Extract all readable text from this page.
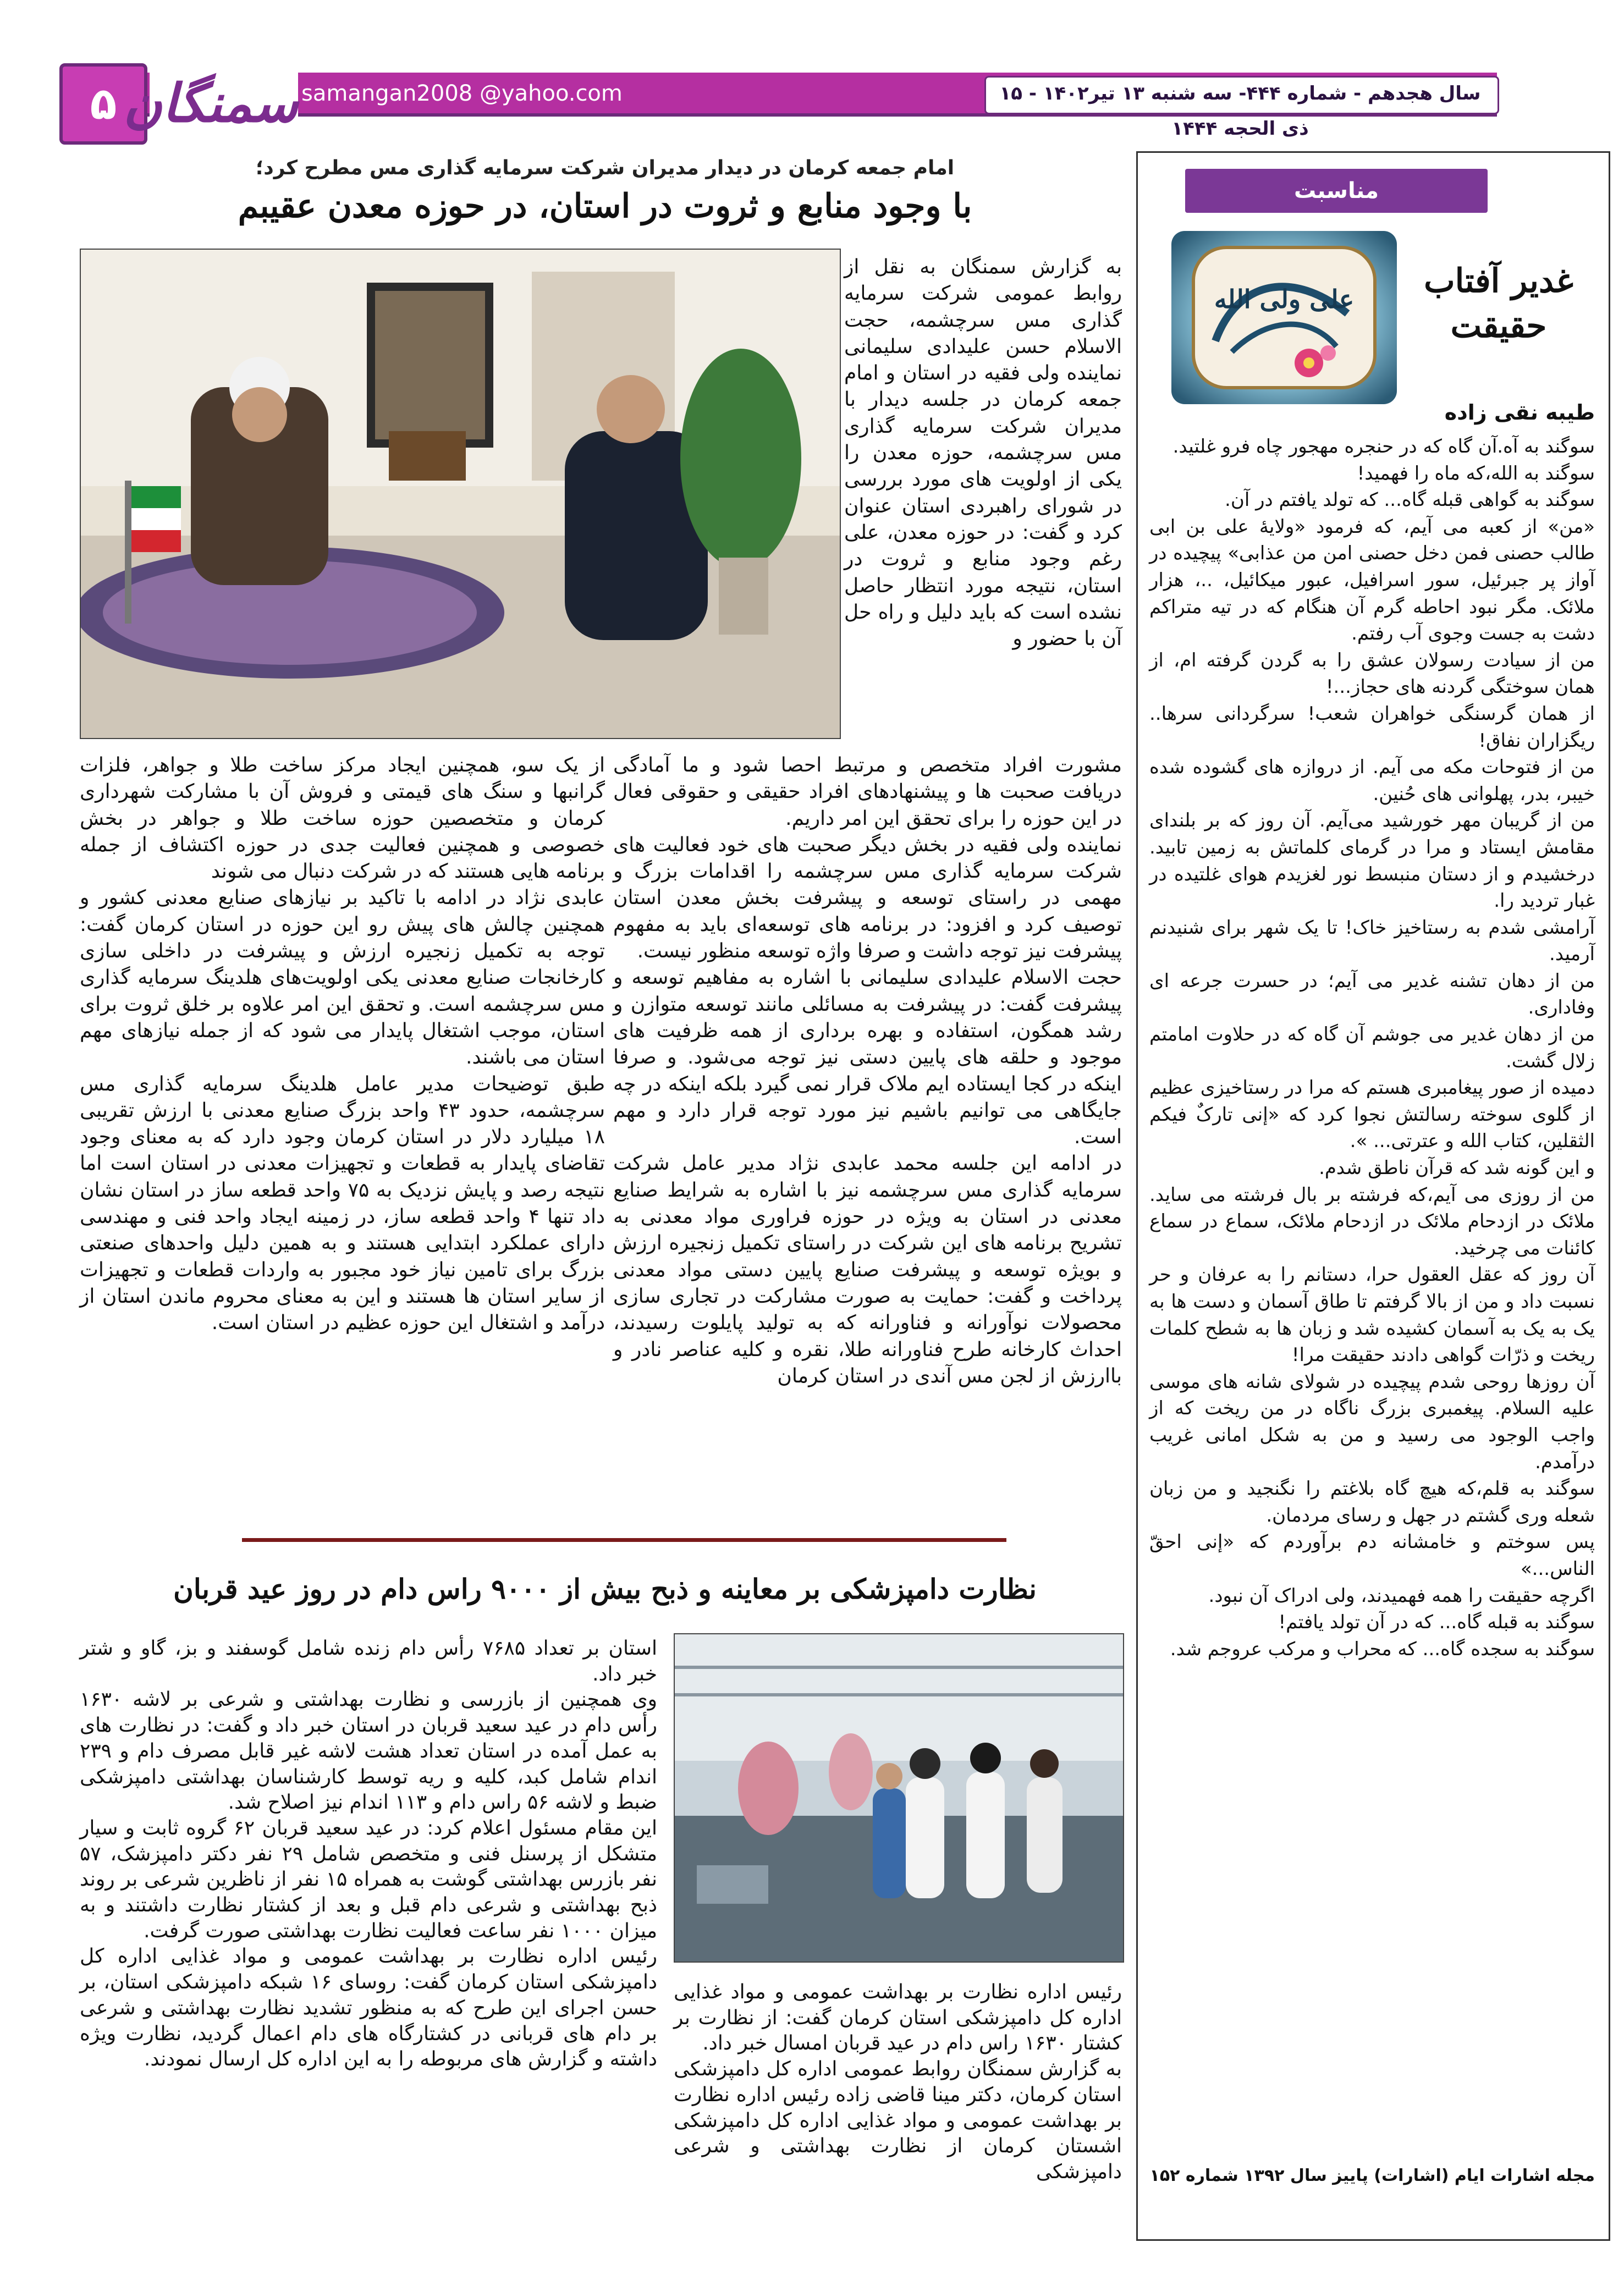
سال هجدهم - شماره ۴۴۴- سه شنبه ۱۳ تیر۱۴۰۲ - ۱۵ ذی الحجه ۱۴۴۴
۵ سمنگان samangan2008 @yahoo.com
مناسبت
غدیر آفتاب حقیقت
علی ولی الله
طیبه نقی زاده

سوگند به آه.آن گاه که در حنجره مهجور چاه فرو غلتید.

سوگند به الله،که ماه را فهمید!

سوگند به گواهی قبله گاه... که تولد یافتم در آن.

«من» از کعبه می آیم، که فرمود «ولایهٔ علی بن ابی طالب حصنی فمن دخل حصنی امن من عذابی» پیچیده در آواز پر جبرئیل، سور اسرافیل، عبور میکائیل، ..، هزار ملائک. مگر نبود احاطه گرم آن هنگام که در تیه متراکم دشت به جست وجوی آب رفتم.

من از سیادت رسولان عشق را به گردن گرفته ام، از همان سوختگی گردنه های حجاز...!

از همان گرسنگی خواهران شعب! سرگردانی سرها.. ریگزاران نفاق!

من از فتوحات مکه می آیم. از دروازه های گشوده شده خیبر، بدر، پهلوانی های حُنین.

من از گریبان مهر خورشید می‌آیم. آن روز که بر بلندای مقامش ایستاد و مرا در گرمای کلماتش به زمین تابید. درخشیدم و از دستان منبسط نور لغزیدم هوای غلتیده در غبار تردید را.

آرامشی شدم به رستاخیز خاک! تا یک شهر برای شنیدنم آرمید.

من از دهان تشنه غدیر می آیم؛ در حسرت جرعه ای وفاداری.

من از دهان غدیر می جوشم آن گاه که در حلاوت امامتم زلال گشت.

دمیده از صور پیغامبری هستم که مرا در رستاخیزی عظیم از گلوی سوخته رسالتش نجوا کرد که «إنی تارکٌ فیکم الثقلین، کتاب الله و عترتی... ».

و این گونه شد که قرآن ناطق شدم.

من از روزی می آیم،که فرشته بر بال فرشته می ساید. ملائک در ازدحام ملائک در ازدحام ملائک، سماع در سماع کائنات می چرخید.

آن روز که عقل العقول حرا، دستانم را به عرفان و حر نسبت داد و من از بالا گرفتم تا طاق آسمان و دست ها به یک به یک به آسمان کشیده شد و زبان ها به شطح کلمات ریخت و ذرّات گواهی دادند حقیقت مرا!

آن روزها روحی شدم پیچیده در شولای شانه های موسی علیه السلام. پیغمبری بزرگ ناگاه در من ریخت که از واجب الوجود می رسید و من به شکل امانی غریب درآمدم.

سوگند به قلم،که هیچ گاه بلاغتم را نگنجید و من زبان شعله وری گشتم در جهل و رسای مردمان.

پس سوختم و خامشانه دم برآوردم که «إنی احقّ الناس...»

اگرچه حقیقت را همه فهمیدند، ولی ادراک آن نبود.

سوگند به قبله گاه... که در آن تولد یافتم!

سوگند به سجده گاه... که محراب و مرکب عروجم شد.

مجله اشارات ایام (اشارات) پاییز سال ۱۳۹۲ شماره ۱۵۲
امام جمعه کرمان در دیدار مدیران شرکت سرمایه گذاری مس مطرح کرد؛
با وجود منابع و ثروت در استان، در حوزه معدن عقیبم
به گزارش سمنگان به نقل از روابط عمومی شرکت سرمایه گذاری مس سرچشمه، حجت الاسلام حسن علیدادی سلیمانی نماینده ولی فقیه در استان و امام جمعه کرمان در جلسه دیدار با مدیران شرکت سرمایه گذاری مس سرچشمه، حوزه معدن را یکی از اولویت های مورد بررسی در شورای راهبردی استان عنوان کرد و گفت: در حوزه معدن، علی رغم وجود منابع و ثروت در استان، نتیجه مورد انتظار حاصل نشده است که باید دلیل و راه حل آن با حضور و

مشورت افراد متخصص و مرتبط احصا شود و ما آمادگی دریافت صحبت ها و پیشنهادهای افراد حقیقی و حقوقی فعال در این حوزه را برای تحقق این امر داریم.

نماینده ولی فقیه در بخش دیگر صحبت های خود فعالیت های شرکت سرمایه گذاری مس سرچشمه را اقدامات بزرگ و مهمی در راستای توسعه و پیشرفت بخش معدن استان توصیف کرد و افزود: در برنامه های توسعه‌ای باید به مفهوم پیشرفت نیز توجه داشت و صرفا واژه توسعه منظور نیست.

حجت الاسلام علیدادی سلیمانی با اشاره به مفاهیم توسعه و پیشرفت گفت: در پیشرفت به مسائلی مانند توسعه متوازن و رشد همگون، استفاده و بهره برداری از همه ظرفیت های موجود و حلقه های پایین دستی نیز توجه می‌شود. و صرفا اینکه در کجا ایستاده ایم ملاک قرار نمی گیرد بلکه اینکه در چه جایگاهی می توانیم باشیم نیز مورد توجه قرار دارد و مهم است.

در ادامه این جلسه محمد عابدی نژاد مدیر عامل شرکت سرمایه گذاری مس سرچشمه نیز با اشاره به شرایط صنایع معدنی در استان به ویژه در حوزه فراوری مواد معدنی به تشریح برنامه های این شرکت در راستای تکمیل زنجیره ارزش و بویژه توسعه و پیشرفت صنایع پایین دستی مواد معدنی پرداخت و گفت: حمایت به صورت مشارکت در تجاری سازی محصولات نوآورانه و فناورانه که به تولید پایلوت رسیدند، احداث کارخانه طرح فناورانه طلا، نقره و کلیه عناصر نادر و باارزش از لجن مس آندی در استان کرمان

از یک سو، همچنین ایجاد مرکز ساخت طلا و جواهر، فلزات گرانبها و سنگ های قیمتی و فروش آن با مشارکت شهرداری کرمان و متخصصین حوزه ساخت طلا و جواهر در بخش خصوصی و همچنین فعالیت جدی در حوزه اکتشاف از جمله برنامه هایی هستند که در شرکت دنبال می شوند

عابدی نژاد در ادامه با تاکید بر نیازهای صنایع معدنی کشور و همچنین چالش های پیش رو این حوزه در استان کرمان گفت: توجه به تکمیل زنجیره ارزش و پیشرفت در داخلی سازی کارخانجات صنایع معدنی یکی اولویت‌های هلدینگ سرمایه گذاری مس سرچشمه است. و تحقق این امر علاوه بر خلق ثروت برای استان، موجب اشتغال پایدار می شود که از جمله نیازهای مهم استان می باشند.

طبق توضیحات مدیر عامل هلدینگ سرمایه گذاری مس سرچشمه، حدود ۴۳ واحد بزرگ صنایع معدنی با ارزش تقریبی ۱۸ میلیارد دلار در استان کرمان وجود دارد که به معنای وجود تقاضای پایدار به قطعات و تجهیزات معدنی در استان است اما نتیجه رصد و پایش نزدیک به ۷۵ واحد قطعه ساز در استان نشان داد تنها ۴ واحد قطعه ساز، در زمینه ایجاد واحد فنی و مهندسی دارای عملکرد ابتدایی هستند و به همین دلیل واحدهای صنعتی بزرگ برای تامین نیاز خود مجبور به واردات قطعات و تجهیزات از سایر استان ها هستند و این به معنای محروم ماندن استان از درآمد و اشتغال این حوزه عظیم در استان است.

نظارت دامپزشکی بر معاینه و ذبح بیش از ۹۰۰۰ راس دام در روز عید قربان

رئیس اداره نظارت بر بهداشت عمومی و مواد غذایی اداره کل دامپزشکی استان کرمان گفت: از نظارت بر کشتار ۱۶۳۰ راس دام در عید قربان امسال خبر داد.

به گزارش سمنگان روابط عمومی اداره کل دامپزشکی استان کرمان، دکتر مینا قاضی زاده رئیس اداره نظارت بر بهداشت عمومی و مواد غذایی اداره کل دامپزشکی اشستان کرمان از نظارت بهداشتی و شرعی دامپزشکی

استان بر تعداد ۷۶۸۵ رأس دام زنده شامل گوسفند و بز، گاو و شتر خبر داد.

وی همچنین از بازرسی و نظارت بهداشتی و شرعی بر لاشه ۱۶۳۰ رأس دام در عید سعید قربان در استان خبر داد و گفت: در نظارت های به عمل آمده در استان تعداد هشت لاشه غیر قابل مصرف دام و ۲۳۹ اندام شامل کبد، کلیه و ریه توسط کارشناسان بهداشتی دامپزشکی ضبط و لاشه ۵۶ راس دام و ۱۱۳ اندام نیز اصلاح شد.

این مقام مسئول اعلام کرد: در عید سعید قربان ۶۲ گروه ثابت و سیار متشکل از پرسنل فنی و متخصص شامل ۲۹ نفر دکتر دامپزشک، ۵۷ نفر بازرس بهداشتی گوشت به همراه ۱۵ نفر از ناظرین شرعی بر روند ذبح بهداشتی و شرعی دام قبل و بعد از کشتار نظارت داشتند و به میزان ۱۰۰۰ نفر ساعت فعالیت نظارت بهداشتی صورت گرفت.

رئیس اداره نظارت بر بهداشت عمومی و مواد غذایی اداره کل دامپزشکی استان کرمان گفت: روسای ۱۶ شبکه دامپزشکی استان، بر حسن اجرای این طرح که به منظور تشدید نظارت بهداشتی و شرعی بر دام های قربانی در کشتارگاه های دام اعمال گردید، نظارت ویژه داشته و گزارش های مربوطه را به این اداره کل ارسال نمودند.
